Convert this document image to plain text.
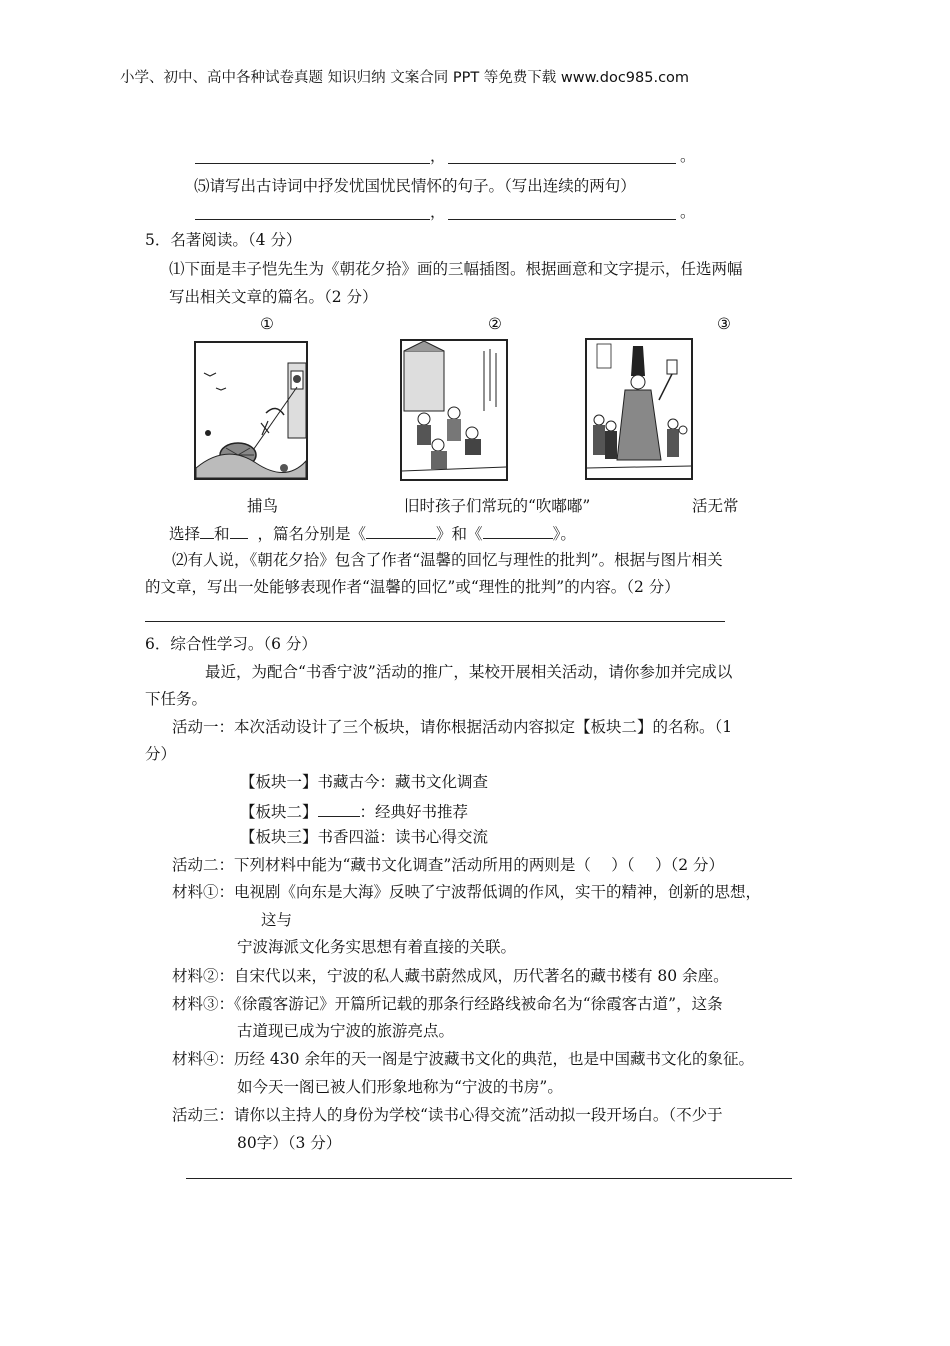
小学、初中、高中各种试卷真题 知识归纳 文案合同 PPT 等免费下载 www.doc985.com
，	。
⑸请写出古诗词中抒发忧国忧民情怀的句子。（写出连续的两句）
，	。
5．名著阅读。（4 分）
⑴下面是丰子恺先生为《朝花夕拾》画的三幅插图。根据画意和文字提示，任选两幅
写出相关文章的篇名。（2 分）
①	②	③
捕鸟	旧时孩子们常玩的“吹嘟嘟”	活无常
选择 和 ，篇名分别是《	》和《	》。
⑵有人说，《朝花夕拾》包含了作者“温馨的回忆与理性的批判”。根据与图片相关
的文章，写出一处能够表现作者“温馨的回忆”或“理性的批判”的内容。（2 分）
6．综合性学习。（6 分）
最近，为配合“书香宁波”活动的推广，某校开展相关活动，请你参加并完成以
下任务。
活动一：本次活动设计了三个板块，请你根据活动内容拟定【板块二】的名称。（1
分）
【板块一】书藏古今：藏书文化调查
【板块二】	：经典好书推荐
【板块三】书香四溢：读书心得交流
活动二：下列材料中能为“藏书文化调查”活动所用的两则是（　 ）（　 ）（2 分）
材料①：电视剧《向东是大海》反映了宁波帮低调的作风，实干的精神，创新的思想，
这与
宁波海派文化务实思想有着直接的关联。
材料②：自宋代以来，宁波的私人藏书蔚然成风，历代著名的藏书楼有 80 余座。
材料③：《徐霞客游记》开篇所记载的那条行经路线被命名为“徐霞客古道”，这条
古道现已成为宁波的旅游亮点。
材料④：历经 430 余年的天一阁是宁波藏书文化的典范，也是中国藏书文化的象征。
如今天一阁已被人们形象地称为“宁波的书房”。
活动三：请你以主持人的身份为学校“读书心得交流”活动拟一段开场白。（不少于
80字）（3 分）
